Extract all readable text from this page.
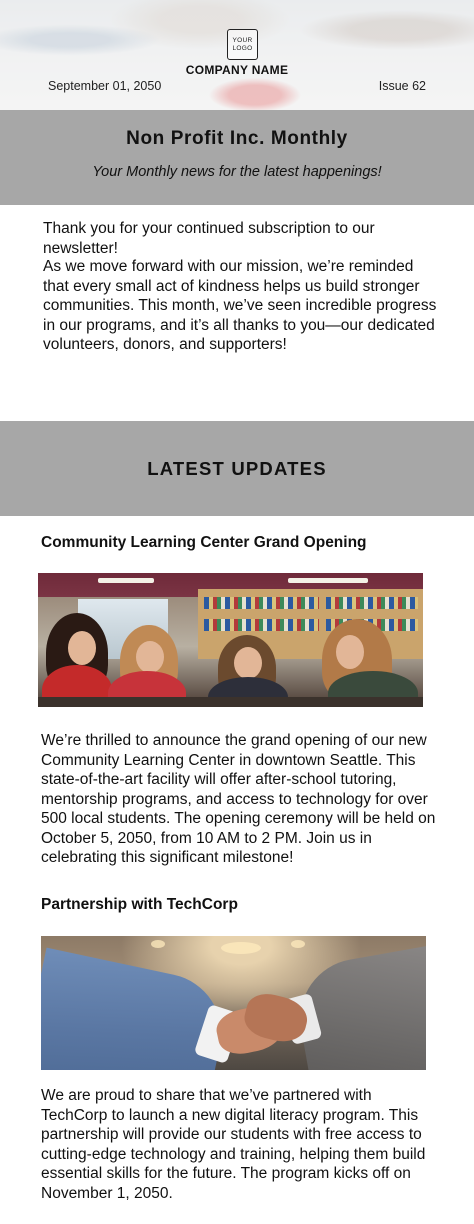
YOUR
LOGO
COMPANY NAME
September 01, 2050	Issue 62
Non Profit Inc. Monthly
Your Monthly news for the latest happenings!

Thank you for your continued subscription to our newsletter!

As we move forward with our mission, we’re reminded that every small act of kindness helps us build stronger communities. This month, we’ve seen incredible progress in our programs, and it’s all thanks to you—our dedicated volunteers, donors, and supporters!

LATEST UPDATES
Community Learning Center Grand Opening

We’re thrilled to announce the grand opening of our new Community Learning Center in downtown Seattle. This state-of-the-art facility will offer after-school tutoring, mentorship programs, and access to technology for over 500 local students. The opening ceremony will be held on October 5, 2050, from 10 AM to 2 PM. Join us in celebrating this significant milestone!

Partnership with TechCorp

We are proud to share that we’ve partnered with TechCorp to launch a new digital literacy program. This partnership will provide our students with free access to cutting-edge technology and training, helping them build essential skills for the future. The program kicks off on November 1, 2050.
